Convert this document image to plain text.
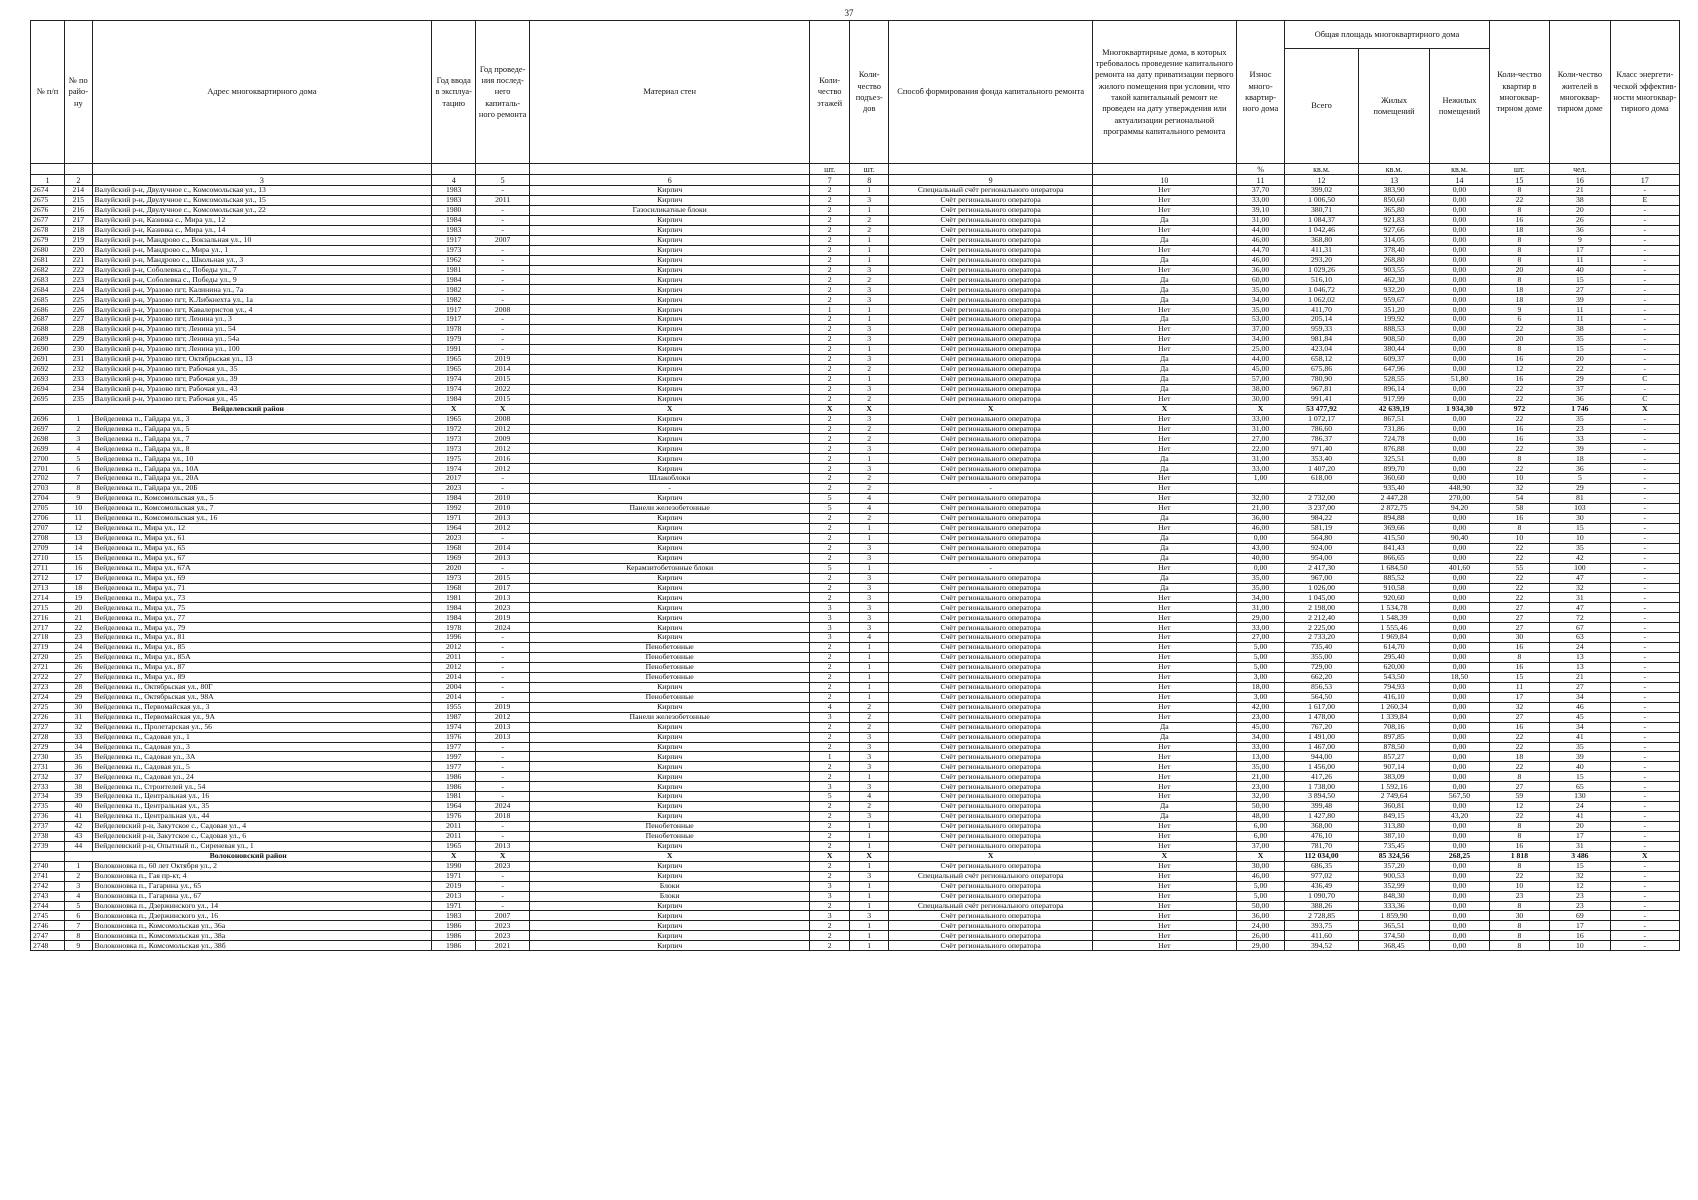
37
№ п/п	№ по райо-ну	Адрес многоквартирного дома	Год ввода в эксплуа-тацию	Год проведе-ния послед-него капиталь-ного ремонта	Материал стен	Коли-чество этажей	Коли-чество подъез-дов	Способ формирования фонда капитального ремонта	Многоквартирные дома, в которых требовалось проведение капитального ремонта на дату приватизации первого жилого помещения при условии, что такой капитальный ремонт не проведен на дату утверждения или актуализации региональной программы капитального ремонта	Износ много-квартир-ного дома	Общая площадь многоквартирного дома			Коли-чество квартир в многоквар-тирном доме	Коли-чество жителей в многоквар-тирном доме	Класс энергети-ческой эффектив-ности многоквар-тирного дома
											Всего	Жилых помещений	Нежилых помещений			
						шт.	шт.			%	кв.м.	кв.м.	кв.м.	шт.	чел.	
1	2	3	4	5	6	7	8	9	10	11	12	13	14	15	16	17
2674	214	Валуйский р-н, Двулучное с., Комсомольская ул., 13	1983	-	Кирпич	2	1	Специальный счёт регионального оператора	Нет	37,70	399,02	383,90	0,00	8	21	-
2675	215	Валуйский р-н, Двулучное с., Комсомольская ул., 15	1983	2011	Кирпич	2	3	Счёт регионального оператора	Нет	33,00	1 006,50	850,60	0,00	22	38	E
2676	216	Валуйский р-н, Двулучное с., Комсомольская ул., 22	1980	-	Газосиликатные блоки	2	1	Счёт регионального оператора	Нет	39,10	380,71	365,80	0,00	8	20	-
2677	217	Валуйский р-н, Казинка с., Мира ул., 12	1984	-	Кирпич	2	2	Счёт регионального оператора	Да	31,00	1 084,37	921,83	0,00	16	26	-
2678	218	Валуйский р-н, Казинка с., Мира ул., 14	1983	-	Кирпич	2	2	Счёт регионального оператора	Нет	44,00	1 042,46	927,66	0,00	18	36	-
2679	219	Валуйский р-н, Мандрово с., Вокзальная ул., 10	1917	2007	Кирпич	2	1	Счёт регионального оператора	Да	46,00	368,80	314,05	0,00	8	9	-
2680	220	Валуйский р-н, Мандрово с., Мира ул., 1	1973	-	Кирпич	2	1	Счёт регионального оператора	Нет	44,70	411,31	378,40	0,00	8	17	-
2681	221	Валуйский р-н, Мандрово с., Школьная ул., 3	1962	-	Кирпич	2	1	Счёт регионального оператора	Да	46,00	293,20	268,80	0,00	8	11	-
2682	222	Валуйский р-н, Соболевка с., Победы ул., 7	1981	-	Кирпич	2	3	Счёт регионального оператора	Нет	36,00	1 029,26	903,55	0,00	20	40	-
2683	223	Валуйский р-н, Соболевка с., Победы ул., 9	1984	-	Кирпич	2	2	Счёт регионального оператора	Да	60,00	516,10	462,30	0,00	8	15	-
2684	224	Валуйский р-н, Уразово пгт, Калинина ул., 7а	1982	-	Кирпич	2	3	Счёт регионального оператора	Да	35,00	1 046,72	932,20	0,00	18	27	-
2685	225	Валуйский р-н, Уразово пгт, К.Либкнехта ул., 1а	1982	-	Кирпич	2	3	Счёт регионального оператора	Да	34,00	1 062,02	959,67	0,00	18	39	-
2686	226	Валуйский р-н, Уразово пгт, Кавалеристов ул., 4	1917	2008	Кирпич	1	1	Счёт регионального оператора	Нет	35,00	411,70	351,20	0,00	9	11	-
2687	227	Валуйский р-н, Уразово пгт, Ленина ул., 3	1917	-	Кирпич	2	1	Счёт регионального оператора	Да	53,00	205,14	199,92	0,00	6	11	-
2688	228	Валуйский р-н, Уразово пгт, Ленина ул., 54	1978	-	Кирпич	2	3	Счёт регионального оператора	Нет	37,00	959,33	888,53	0,00	22	38	-
2689	229	Валуйский р-н, Уразово пгт, Ленина ул., 54а	1979	-	Кирпич	2	3	Счёт регионального оператора	Нет	34,00	981,84	908,50	0,00	20	35	-
2690	230	Валуйский р-н, Уразово пгт, Ленина ул., 100	1991	-	Кирпич	2	1	Счёт регионального оператора	Нет	25,00	423,04	380,44	0,00	8	15	-
2691	231	Валуйский р-н, Уразово пгт, Октябрьская ул., 13	1965	2019	Кирпич	2	3	Счёт регионального оператора	Да	44,00	658,12	609,37	0,00	16	20	-
2692	232	Валуйский р-н, Уразово пгт, Рабочая ул., 35	1965	2014	Кирпич	2	2	Счёт регионального оператора	Да	45,00	675,86	647,96	0,00	12	22	-
2693	233	Валуйский р-н, Уразово пгт, Рабочая ул., 39	1974	2015	Кирпич	2	1	Счёт регионального оператора	Да	57,00	780,90	528,55	51,80	16	29	C
2694	234	Валуйский р-н, Уразово пгт, Рабочая ул., 43	1974	2022	Кирпич	2	3	Счёт регионального оператора	Да	38,00	967,81	896,14	0,00	22	37	-
2695	235	Валуйский р-н, Уразово пгт, Рабочая ул., 45	1984	2015	Кирпич	2	2	Счёт регионального оператора	Нет	30,00	991,41	917,99	0,00	22	36	C
	Вейделевский район		X	X	X	X	X	X	X	X	53 477,92	42 639,19	1 934,30	972	1 746	X
2696	1	Вейделевка п., Гайдара ул., 3	1965	2008	Кирпич	2	3	Счёт регионального оператора	Нет	33,00	1 072,17	867,51	0,00	22	35	-
2697	2	Вейделевка п., Гайдара ул., 5	1972	2012	Кирпич	2	2	Счёт регионального оператора	Нет	31,00	786,60	731,86	0,00	16	23	-
2698	3	Вейделевка п., Гайдара ул., 7	1973	2009	Кирпич	2	2	Счёт регионального оператора	Нет	27,00	786,37	724,78	0,00	16	33	-
2699	4	Вейделевка п., Гайдара ул., 8	1973	2012	Кирпич	2	3	Счёт регионального оператора	Нет	22,00	971,40	876,88	0,00	22	39	-
2700	5	Вейделевка п., Гайдара ул., 10	1975	2016	Кирпич	2	1	Счёт регионального оператора	Да	31,00	353,40	325,51	0,00	8	18	-
2701	6	Вейделевка п., Гайдара ул., 10А	1974	2012	Кирпич	2	3	Счёт регионального оператора	Да	33,00	1 407,20	899,70	0,00	22	36	-
2702	7	Вейделевка п., Гайдара ул., 20А	2017	-	Шлакоблоки	2	2	Счёт регионального оператора	Нет	1,00	618,00	360,60	0,00	10	5	-
2703	8	Вейделевка п., Гайдара ул., 20Б	2023	-	-	2	2	-	Нет			935,40	448,90	32	29	-
2704	9	Вейделевка п., Комсомольская ул., 5	1984	2010	Кирпич	5	4	Счёт регионального оператора	Нет	32,00	2 732,00	2 447,28	270,00	54	81	-
2705	10	Вейделевка п., Комсомольская ул., 7	1992	2010	Панели железобетонные	5	4	Счёт регионального оператора	Нет	21,00	3 237,00	2 872,75	94,20	58	103	-
2706	11	Вейделевка п., Комсомольская ул., 16	1971	2013	Кирпич	2	2	Счёт регионального оператора	Да	36,00	984,22	894,88	0,00	16	30	-
2707	12	Вейделевка п., Мира ул., 12	1964	2012	Кирпич	2	1	Счёт регионального оператора	Нет	46,00	581,19	369,66	0,00	8	15	-
2708	13	Вейделевка п., Мира ул., 61	2023	-	Кирпич	2	1	Счёт регионального оператора	Да	0,00	564,80	415,50	90,40	10	10	-
2709	14	Вейделевка п., Мира ул., 65	1968	2014	Кирпич	2	3	Счёт регионального оператора	Да	43,00	924,00	841,43	0,00	22	35	-
2710	15	Вейделевка п., Мира ул., 67	1969	2013	Кирпич	2	3	Счёт регионального оператора	Да	40,00	954,00	866,65	0,00	22	42	-
2711	16	Вейделевка п., Мира ул., 67А	2020	-	Керамзитобетонные блоки	5	1	-	Нет	0,00	2 417,30	1 684,50	401,60	55	100	-
2712	17	Вейделевка п., Мира ул., 69	1973	2015	Кирпич	2	3	Счёт регионального оператора	Да	35,00	967,00	885,52	0,00	22	47	-
2713	18	Вейделевка п., Мира ул., 71	1968	2017	Кирпич	2	3	Счёт регионального оператора	Да	35,00	1 026,00	910,58	0,00	22	32	-
2714	19	Вейделевка п., Мира ул., 73	1981	2013	Кирпич	2	3	Счёт регионального оператора	Нет	34,00	1 045,00	920,60	0,00	22	31	-
2715	20	Вейделевка п., Мира ул., 75	1984	2023	Кирпич	3	3	Счёт регионального оператора	Нет	31,00	2 198,00	1 534,78	0,00	27	47	-
2716	21	Вейделевка п., Мира ул., 77	1984	2019	Кирпич	3	3	Счёт регионального оператора	Нет	29,00	2 212,40	1 548,39	0,00	27	72	-
2717	22	Вейделевка п., Мира ул., 79	1978	2024	Кирпич	3	3	Счёт регионального оператора	Нет	33,00	2 225,00	1 555,46	0,00	27	67	-
2718	23	Вейделевка п., Мира ул., 81	1996	-	Кирпич	3	4	Счёт регионального оператора	Нет	27,00	2 733,20	1 969,84	0,00	30	63	-
2719	24	Вейделевка п., Мира ул., 85	2012	-	Пенобетонные	2	1	Счёт регионального оператора	Нет	5,00	735,40	614,70	0,00	16	24	-
2720	25	Вейделевка п., Мира ул., 85А	2011	-	Пенобетонные	2	1	Счёт регионального оператора	Нет	5,00	355,00	295,40	0,00	8	13	-
2721	26	Вейделевка п., Мира ул., 87	2012	-	Пенобетонные	2	1	Счёт регионального оператора	Нет	5,00	729,00	620,00	0,00	16	13	-
2722	27	Вейделевка п., Мира ул., 89	2014	-	Пенобетонные	2	1	Счёт регионального оператора	Нет	3,00	662,20	543,50	18,50	15	21	-
2723	28	Вейделевка п., Октябрьская ул., 80Г	2004	-	Кирпич	2	1	Счёт регионального оператора	Нет	18,00	856,53	794,93	0,00	11	27	-
2724	29	Вейделевка п., Октябрьская ул., 98А	2014	-	Пенобетонные	2	1	Счёт регионального оператора	Нет	3,00	564,50	416,10	0,00	17	34	-
2725	30	Вейделевка п., Первомайская ул., 3	1955	2019	Кирпич	4	2	Счёт регионального оператора	Нет	42,00	1 617,00	1 260,34	0,00	32	46	-
2726	31	Вейделевка п., Первомайская ул., 9А	1987	2012	Панели железобетонные	3	2	Счёт регионального оператора	Нет	23,00	1 478,00	1 339,84	0,00	27	45	-
2727	32	Вейделевка п., Пролетарская ул., 56	1974	2013	Кирпич	2	2	Счёт регионального оператора	Да	45,00	767,20	708,16	0,00	16	34	-
2728	33	Вейделевка п., Садовая ул., 1	1976	2013	Кирпич	2	3	Счёт регионального оператора	Да	34,00	1 491,00	897,85	0,00	22	41	-
2729	34	Вейделевка п., Садовая ул., 3	1977	-	Кирпич	2	3	Счёт регионального оператора	Нет	33,00	1 467,00	878,50	0,00	22	35	-
2730	35	Вейделевка п., Садовая ул., 3А	1997	-	Кирпич	1	3	Счёт регионального оператора	Нет	13,00	944,00	857,27	0,00	18	39	-
2731	36	Вейделевка п., Садовая ул., 5	1977	-	Кирпич	2	3	Счёт регионального оператора	Нет	35,00	1 456,00	907,14	0,00	22	40	-
2732	37	Вейделевка п., Садовая ул., 24	1986	-	Кирпич	2	1	Счёт регионального оператора	Нет	21,00	417,26	383,09	0,00	8	15	-
2733	38	Вейделевка п., Строителей ул., 54	1986	-	Кирпич	3	3	Счёт регионального оператора	Нет	23,00	1 738,00	1 592,16	0,00	27	65	-
2734	39	Вейделевка п., Центральная ул., 16	1981	-	Кирпич	5	4	Счёт регионального оператора	Нет	32,00	3 894,50	2 749,64	567,50	59	130	-
2735	40	Вейделевка п., Центральная ул., 35	1964	2024	Кирпич	2	2	Счёт регионального оператора	Да	50,00	399,48	360,81	0,00	12	24	-
2736	41	Вейделевка п., Центральная ул., 44	1976	2018	Кирпич	2	3	Счёт регионального оператора	Да	48,00	1 427,80	849,15	43,20	22	41	-
2737	42	Вейделевский р-н, Закутское с., Садовая ул., 4	2011	-	Пенобетонные	2	1	Счёт регионального оператора	Нет	6,00	368,00	313,80	0,00	8	20	-
2738	43	Вейделевский р-н, Закутское с., Садовая ул., 6	2011	-	Пенобетонные	2	1	Счёт регионального оператора	Нет	6,00	476,10	387,10	0,00	8	17	-
2739	44	Вейделевский р-н, Опытный п., Сиреневая ул., 1	1965	2013	Кирпич	2	1	Счёт регионального оператора	Нет	37,00	781,70	735,45	0,00	16	31	-
	Волоконовский район		X	X	X	X	X	X	X	X	112 034,00	85 324,56	268,25	1 818	3 486	X
2740	1	Волоконовка п., 60 лет Октября ул., 2	1990	2023	Кирпич	2	1	Счёт регионального оператора	Нет	30,00	686,35	357,20	0,00	8	15	-
2741	2	Волоконовка п., Гая пр-кт, 4	1971	-	Кирпич	2	3	Специальный счёт регионального оператора	Нет	46,00	977,02	900,53	0,00	22	32	-
2742	3	Волоконовка п., Гагарина ул., 65	2019	-	Блоки	3	1	Счёт регионального оператора	Нет	5,00	436,49	352,99	0,00	10	12	-
2743	4	Волоконовка п., Гагарина ул., 67	2013	-	Блоки	3	1	Счёт регионального оператора	Нет	5,00	1 090,70	848,30	0,00	23	23	-
2744	5	Волоконовка п., Дзержинского ул., 14	1971	-	Кирпич	2	1	Специальный счёт регионального оператора	Нет	50,00	388,26	333,36	0,00	8	23	-
2745	6	Волоконовка п., Дзержинского ул., 16	1983	2007	Кирпич	3	3	Счёт регионального оператора	Нет	36,00	2 728,85	1 859,90	0,00	30	69	-
2746	7	Волоконовка п., Комсомольская ул., 36а	1986	2023	Кирпич	2	1	Счёт регионального оператора	Нет	24,00	393,75	365,51	0,00	8	17	-
2747	8	Волоконовка п., Комсомольская ул., 38а	1986	2023	Кирпич	2	1	Счёт регионального оператора	Нет	26,00	411,60	374,50	0,00	8	16	-
2748	9	Волоконовка п., Комсомольская ул., 38б	1986	2021	Кирпич	2	1	Счёт регионального оператора	Нет	29,00	394,52	368,45	0,00	8	10	-
